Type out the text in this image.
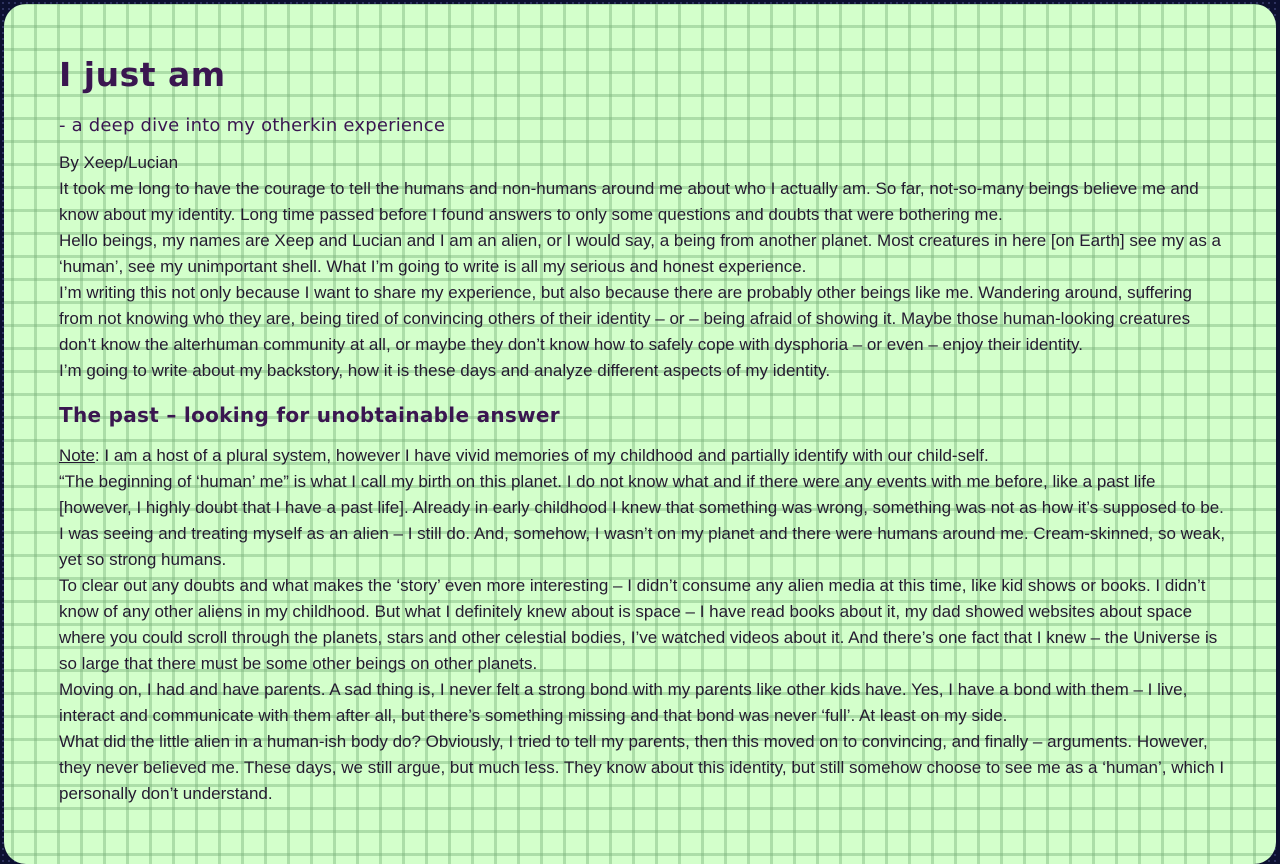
I just am
- a deep dive into my otherkin experience

By Xeep/Lucian

It took me long to have the courage to tell the humans and non-humans around me about who I actually am. So far, not-so-many beings believe me and know about my identity. Long time passed before I found answers to only some questions and doubts that were bothering me.

Hello beings, my names are Xeep and Lucian and I am an alien, or I would say, a being from another planet. Most creatures in here [on Earth] see my as a ‘human’, see my unimportant shell. What I’m going to write is all my serious and honest experience.

I’m writing this not only because I want to share my experience, but also because there are probably other beings like me. Wandering around, suffering from not knowing who they are, being tired of convincing others of their identity – or – being afraid of showing it. Maybe those human-looking creatures don’t know the alterhuman community at all, or maybe they don’t know how to safely cope with dysphoria – or even – enjoy their identity.

I’m going to write about my backstory, how it is these days and analyze different aspects of my identity.

The past – looking for unobtainable answer

Note: I am a host of a plural system, however I have vivid memories of my childhood and partially identify with our child-self.

“The beginning of ‘human’ me” is what I call my birth on this planet. I do not know what and if there were any events with me before, like a past life [however, I highly doubt that I have a past life]. Already in early childhood I knew that something was wrong, something was not as how it’s supposed to be. I was seeing and treating myself as an alien – I still do. And, somehow, I wasn’t on my planet and there were humans around me. Cream-skinned, so weak, yet so strong humans.

To clear out any doubts and what makes the ‘story’ even more interesting – I didn’t consume any alien media at this time, like kid shows or books. I didn’t know of any other aliens in my childhood. But what I definitely knew about is space – I have read books about it, my dad showed websites about space where you could scroll through the planets, stars and other celestial bodies, I’ve watched videos about it. And there’s one fact that I knew – the Universe is so large that there must be some other beings on other planets.

Moving on, I had and have parents. A sad thing is, I never felt a strong bond with my parents like other kids have. Yes, I have a bond with them – I live, interact and communicate with them after all, but there’s something missing and that bond was never ‘full’. At least on my side.

What did the little alien in a human-ish body do? Obviously, I tried to tell my parents, then this moved on to convincing, and finally – arguments. However, they never believed me. These days, we still argue, but much less. They know about this identity, but still somehow choose to see me as a ‘human’, which I personally don’t understand.
